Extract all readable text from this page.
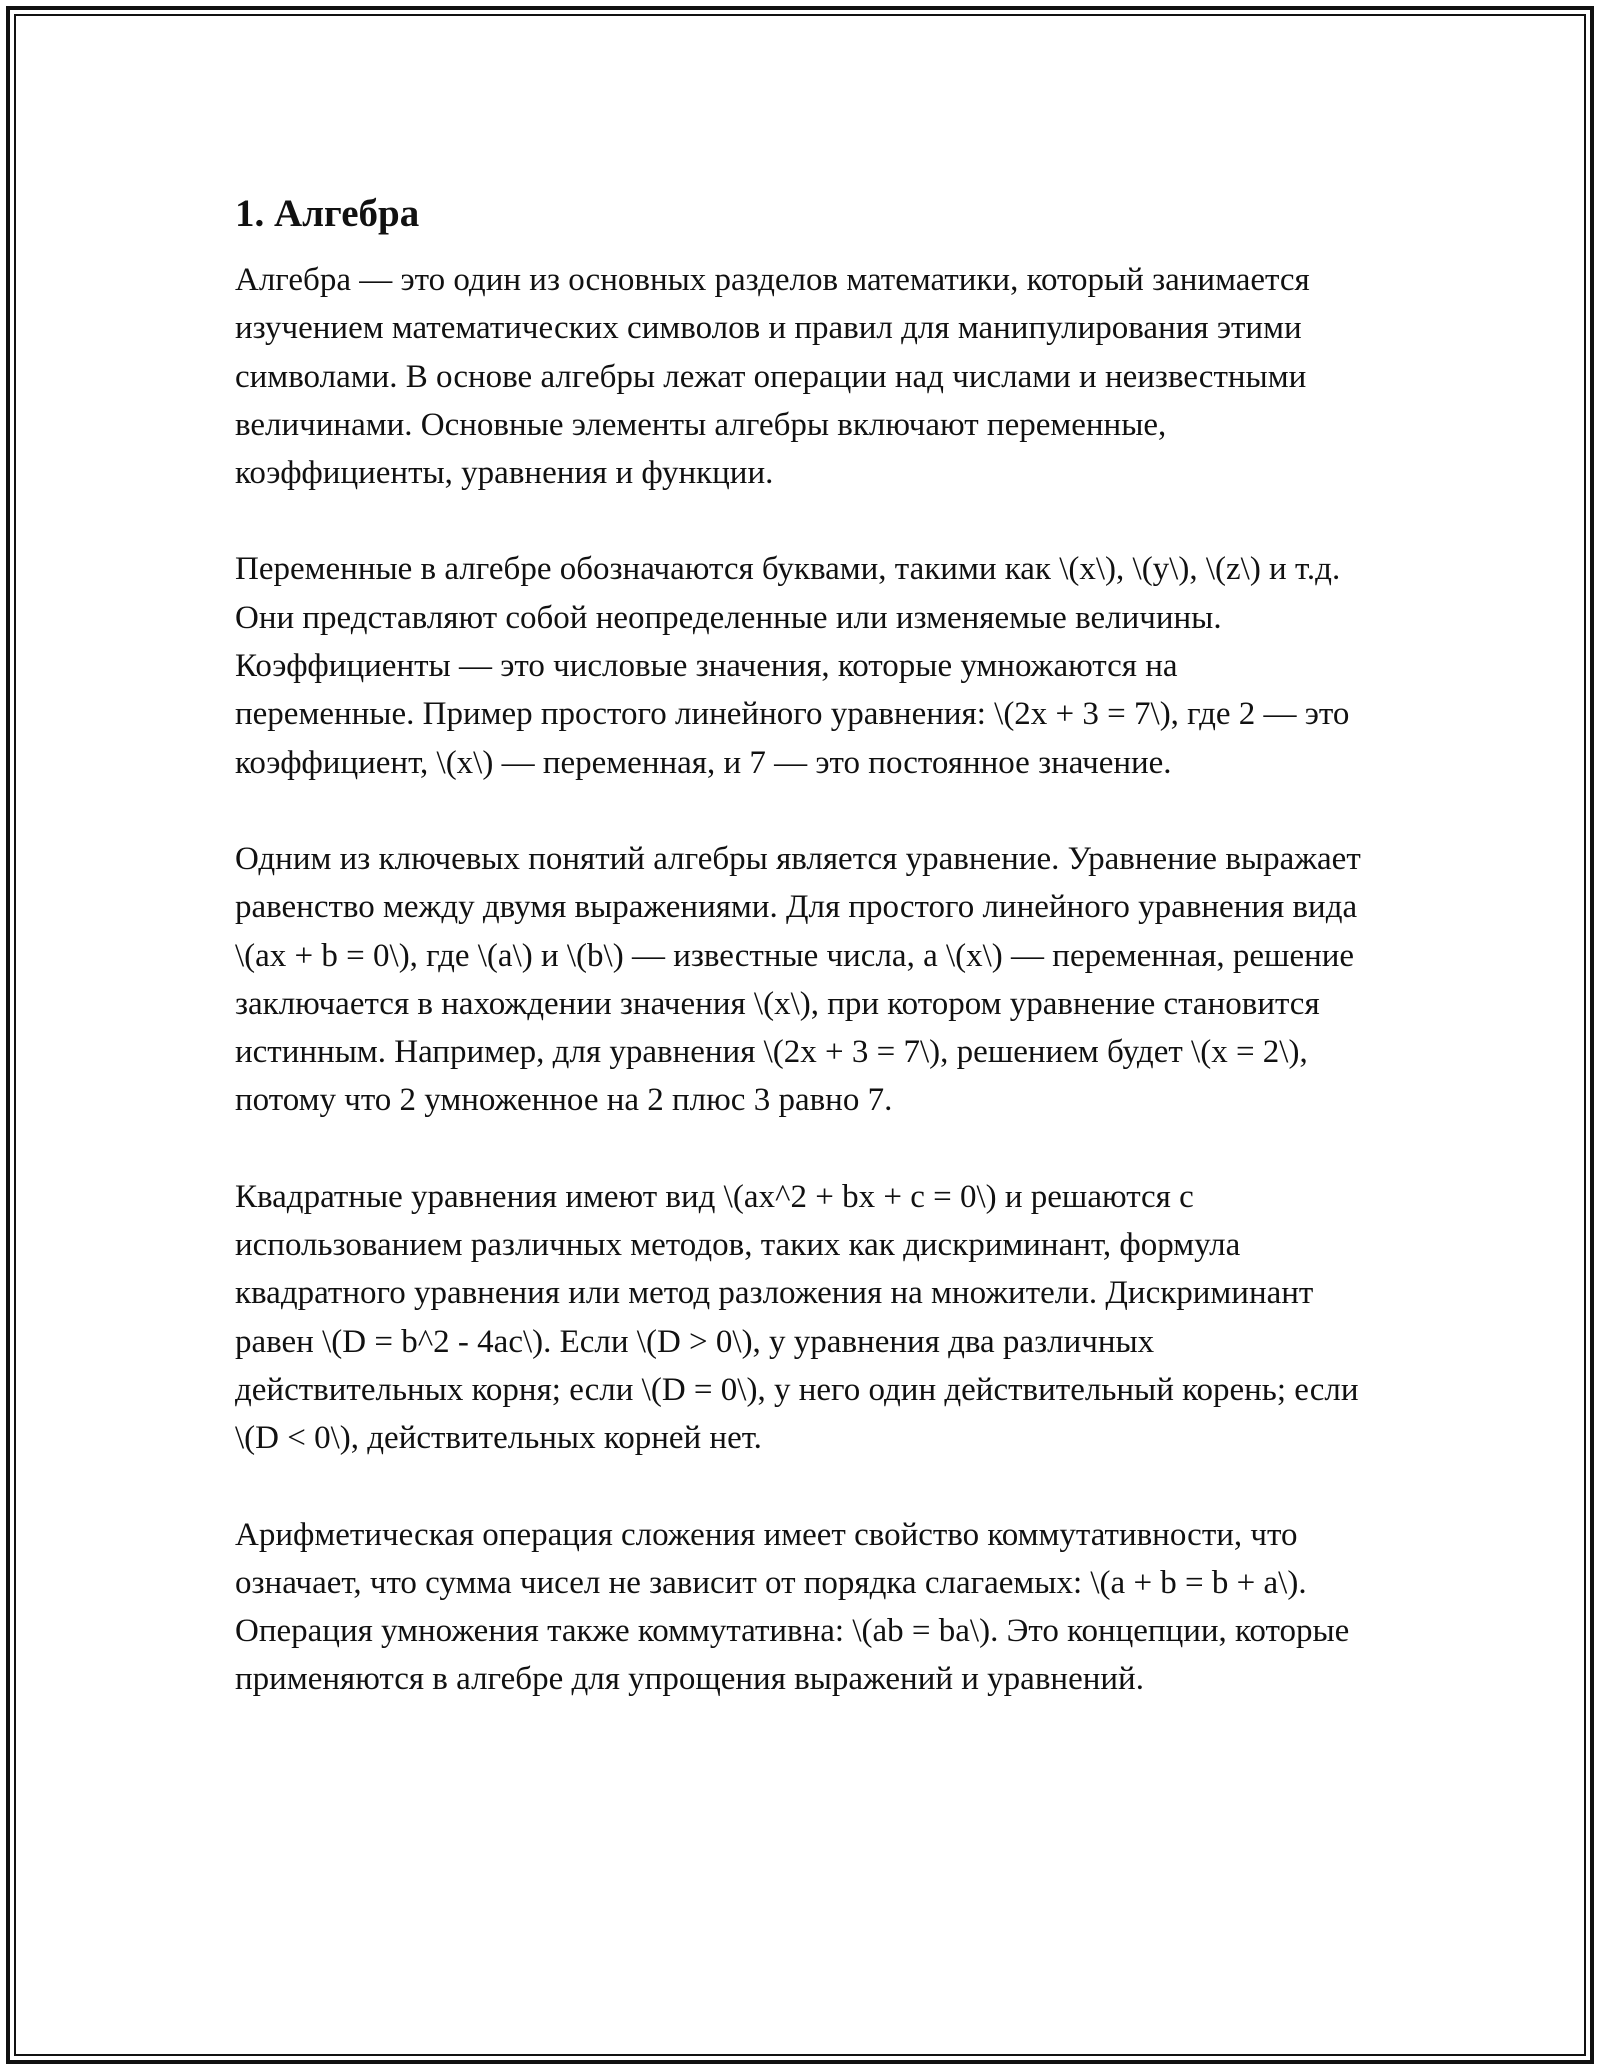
1. Алгебра

Алгебра — это один из основных разделов математики, который занимается изучением математических символов и правил для манипулирования этими символами. В основе алгебры лежат операции над числами и неизвестными величинами. Основные элементы алгебры включают переменные, коэффициенты, уравнения и функции.

Переменные в алгебре обозначаются буквами, такими как \(x\), \(y\), \(z\) и т.д. Они представляют собой неопределенные или изменяемые величины. Коэффициенты — это числовые значения, которые умножаются на переменные. Пример простого линейного уравнения: \(2x + 3 = 7\), где 2 — это коэффициент, \(x\) — переменная, и 7 — это постоянное значение.

Одним из ключевых понятий алгебры является уравнение. Уравнение выражает равенство между двумя выражениями. Для простого линейного уравнения вида \(ax + b = 0\), где \(a\) и \(b\) — известные числа, а \(x\) — переменная, решение заключается в нахождении значения \(x\), при котором уравнение становится истинным. Например, для уравнения \(2x + 3 = 7\), решением будет \(x = 2\), потому что 2 умноженное на 2 плюс 3 равно 7.

Квадратные уравнения имеют вид \(ax^2 + bx + c = 0\) и решаются с использованием различных методов, таких как дискриминант, формула квадратного уравнения или метод разложения на множители. Дискриминант равен \(D = b^2 - 4ac\). Если \(D > 0\), у уравнения два различных действительных корня; если \(D = 0\), у него один действительный корень; если \(D < 0\), действительных корней нет.

Арифметическая операция сложения имеет свойство коммутативности, что означает, что сумма чисел не зависит от порядка слагаемых: \(a + b = b + a\). Операция умножения также коммутативна: \(ab = ba\). Это концепции, которые применяются в алгебре для упрощения выражений и уравнений.
